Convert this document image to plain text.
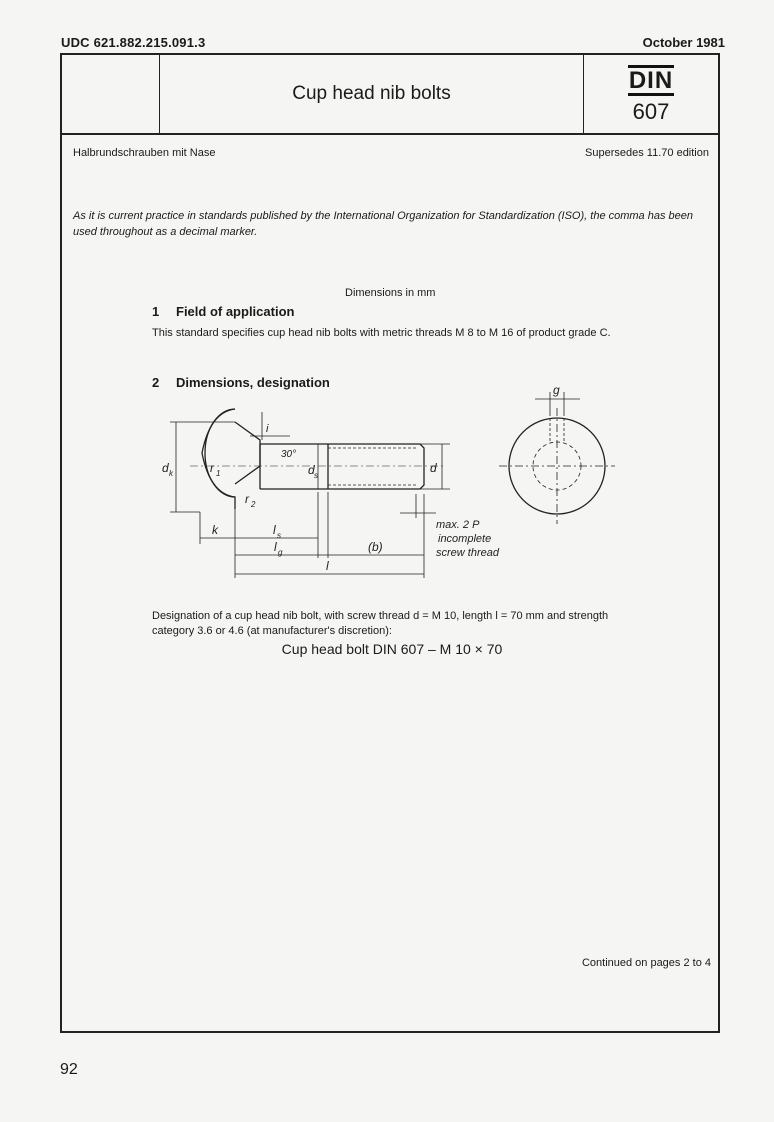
UDC 621.882.215.091.3	October 1981
Cup head nib bolts	DIN
607
Halbrundschrauben mit Nase	Supersedes 11.70 edition
As it is current practice in standards published by the International Organization for Standardization (ISO), the comma has been used throughout as a decimal marker.
Dimensions in mm
1 Field of application
This standard specifies cup head nib bolts with metric threads M 8 to M 16 of product grade C.
2 Dimensions, designation
d k	r 1
r 2
i
30°
d s
d
k	l s
l g	(b)
l
g
max. 2 P
incomplete
screw thread
Designation of a cup head nib bolt, with screw thread d = M 10, length l = 70 mm and strength category 3.6 or 4.6 (at manufacturer's discretion):
Cup head bolt DIN 607 – M 10 × 70
Continued on pages 2 to 4
92
